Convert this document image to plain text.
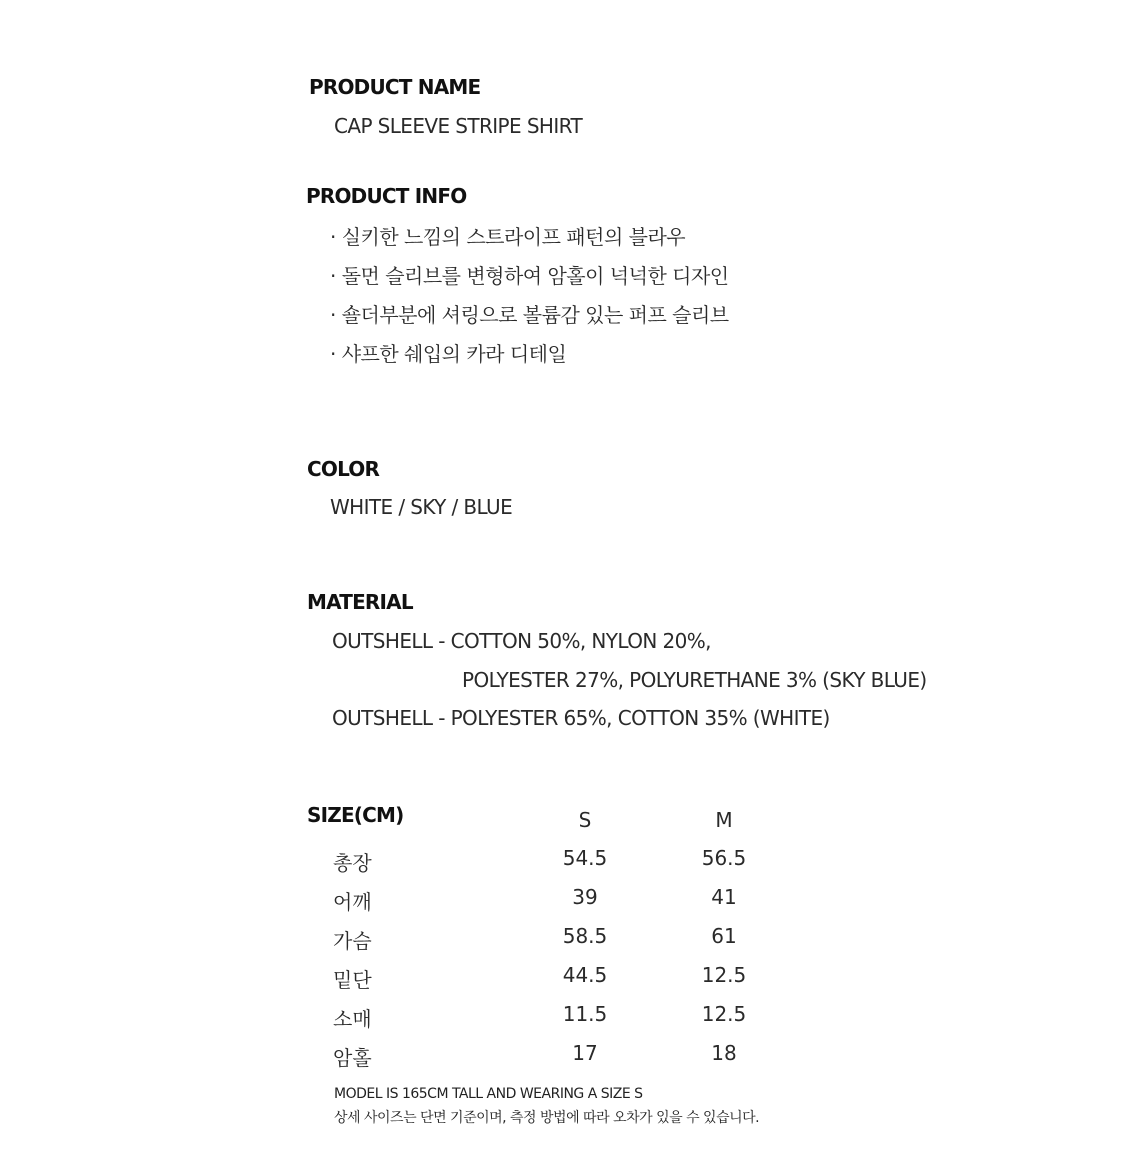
PRODUCT NAME
CAP SLEEVE STRIPE SHIRT
PRODUCT INFO
· 실키한 느낌의 스트라이프 패턴의 블라우
· 돌먼 슬리브를 변형하여 암홀이 넉넉한 디자인
· 숄더부분에 셔링으로 볼륨감 있는 퍼프 슬리브
· 샤프한 쉐입의 카라 디테일
COLOR
WHITE / SKY / BLUE
MATERIAL
OUTSHELL - COTTON 50%, NYLON 20%,
POLYESTER 27%, POLYURETHANE 3% (SKY BLUE)
OUTSHELL - POLYESTER 65%, COTTON 35% (WHITE)
SIZE(CM)	S	M
총장	54.5	56.5
어깨	39	41
가슴	58.5	61
밑단	44.5	12.5
소매	11.5	12.5
암홀	17	18
MODEL IS 165CM TALL AND WEARING A SIZE S
상세 사이즈는 단면 기준이며, 측정 방법에 따라 오차가 있을 수 있습니다.
